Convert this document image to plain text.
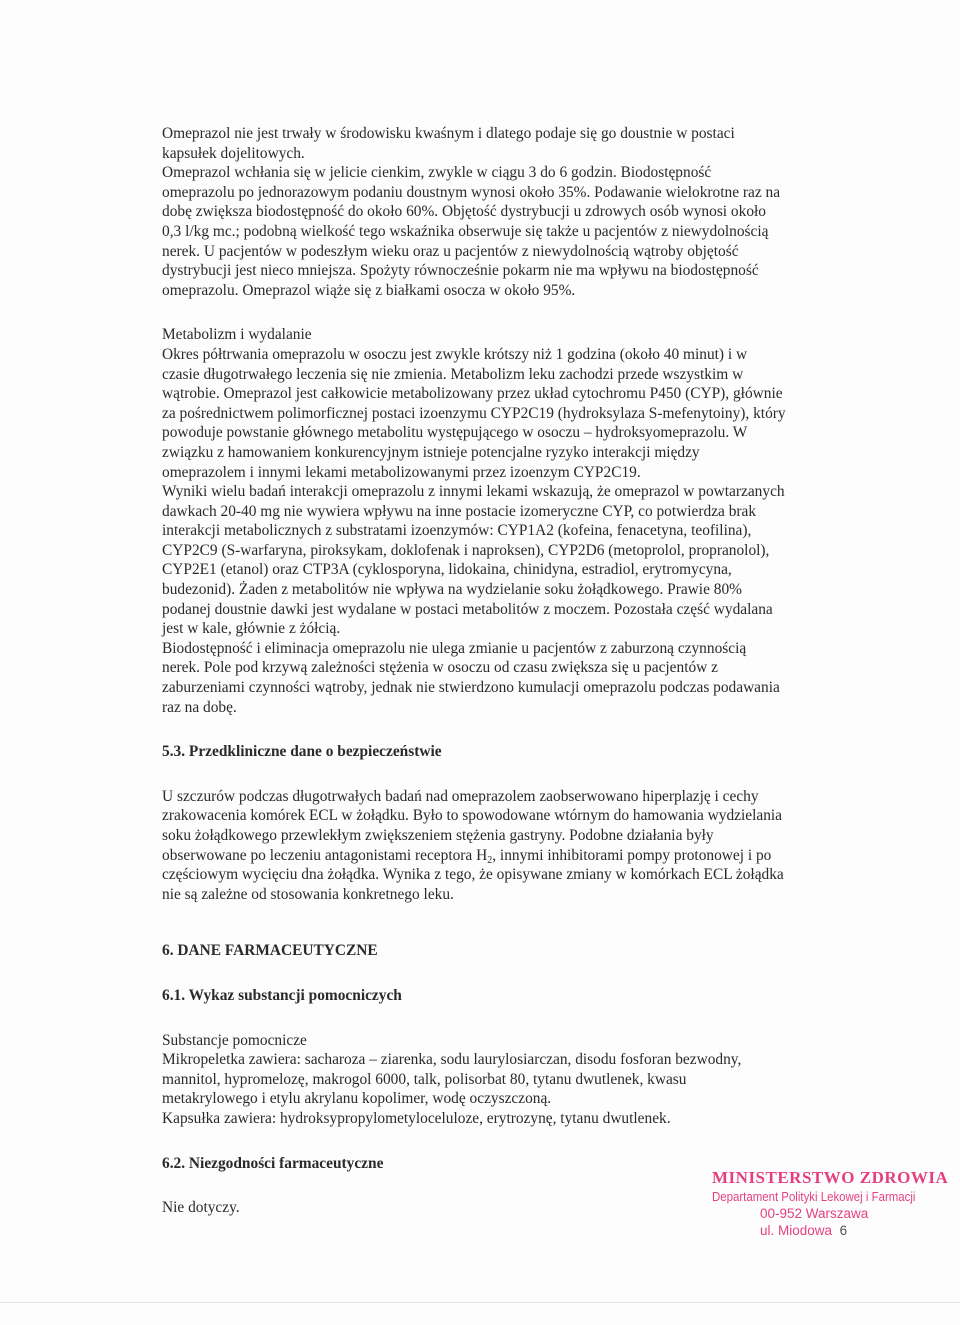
Omeprazol nie jest trwały w środowisku kwaśnym i dlatego podaje się go doustnie w postaci
kapsułek dojelitowych.
Omeprazol wchłania się w jelicie cienkim, zwykle w ciągu 3 do 6 godzin. Biodostępność
omeprazolu po jednorazowym podaniu doustnym wynosi około 35%. Podawanie wielokrotne raz na
dobę zwiększa biodostępność do około 60%. Objętość dystrybucji u zdrowych osób wynosi około
0,3 l/kg mc.; podobną wielkość tego wskaźnika obserwuje się także u pacjentów z niewydolnością
nerek. U pacjentów w podeszłym wieku oraz u pacjentów z niewydolnością wątroby objętość
dystrybucji jest nieco mniejsza. Spożyty równocześnie pokarm nie ma wpływu na biodostępność
omeprazolu. Omeprazol wiąże się z białkami osocza w około 95%.
Metabolizm i wydalanie
Okres półtrwania omeprazolu w osoczu jest zwykle krótszy niż 1 godzina (około 40 minut) i w
czasie długotrwałego leczenia się nie zmienia. Metabolizm leku zachodzi przede wszystkim w
wątrobie. Omeprazol jest całkowicie metabolizowany przez układ cytochromu P450 (CYP), głównie
za pośrednictwem polimorficznej postaci izoenzymu CYP2C19 (hydroksylaza S-mefenytoiny), który
powoduje powstanie głównego metabolitu występującego w osoczu – hydroksyomeprazolu. W
związku z hamowaniem konkurencyjnym istnieje potencjalne ryzyko interakcji między
omeprazolem i innymi lekami metabolizowanymi przez izoenzym CYP2C19.
Wyniki wielu badań interakcji omeprazolu z innymi lekami wskazują, że omeprazol w powtarzanych
dawkach 20-40 mg nie wywiera wpływu na inne postacie izomeryczne CYP, co potwierdza brak
interakcji metabolicznych z substratami izoenzymów: CYP1A2 (kofeina, fenacetyna, teofilina),
CYP2C9 (S-warfaryna, piroksykam, doklofenak i naproksen), CYP2D6 (metoprolol, propranolol),
CYP2E1 (etanol) oraz CTP3A (cyklosporyna, lidokaina, chinidyna, estradiol, erytromycyna,
budezonid). Żaden z metabolitów nie wpływa na wydzielanie soku żołądkowego. Prawie 80%
podanej doustnie dawki jest wydalane w postaci metabolitów z moczem. Pozostała część wydalana
jest w kale, głównie z żółcią.
Biodostępność i eliminacja omeprazolu nie ulega zmianie u pacjentów z zaburzoną czynnością
nerek. Pole pod krzywą zależności stężenia w osoczu od czasu zwiększa się u pacjentów z
zaburzeniami czynności wątroby, jednak nie stwierdzono kumulacji omeprazolu podczas podawania
raz na dobę.

5.3. Przedkliniczne dane o bezpieczeństwie

U szczurów podczas długotrwałych badań nad omeprazolem zaobserwowano hiperplazję i cechy
zrakowacenia komórek ECL w żołądku. Było to spowodowane wtórnym do hamowania wydzielania
soku żołądkowego przewlekłym zwiększeniem stężenia gastryny. Podobne działania były
obserwowane po leczeniu antagonistami receptora $H_2$, innymi inhibitorami pompy protonowej i po
częściowym wycięciu dna żołądka. Wynika z tego, że opisywane zmiany w komórkach ECL żołądka
nie są zależne od stosowania konkretnego leku.

6. DANE FARMACEUTYCZNE

6.1. Wykaz substancji pomocniczych

Substancje pomocnicze
Mikropeletka zawiera: sacharoza – ziarenka, sodu laurylosiarczan, disodu fosforan bezwodny,
mannitol, hypromelozę, makrogol 6000, talk, polisorbat 80, tytanu dwutlenek, kwasu
metakrylowego i etylu akrylanu kopolimer, wodę oczyszczoną.
Kapsułka zawiera: hydroksypropylometyloceluloze, erytrozynę, tytanu dwutlenek.

6.2. Niezgodności farmaceutyczne

Nie dotyczy.

MINISTERSTWO ZDROWIA
Departament Polityki Lekowej i Farmacji
00-952 Warszawa
ul. Miodowa 6
